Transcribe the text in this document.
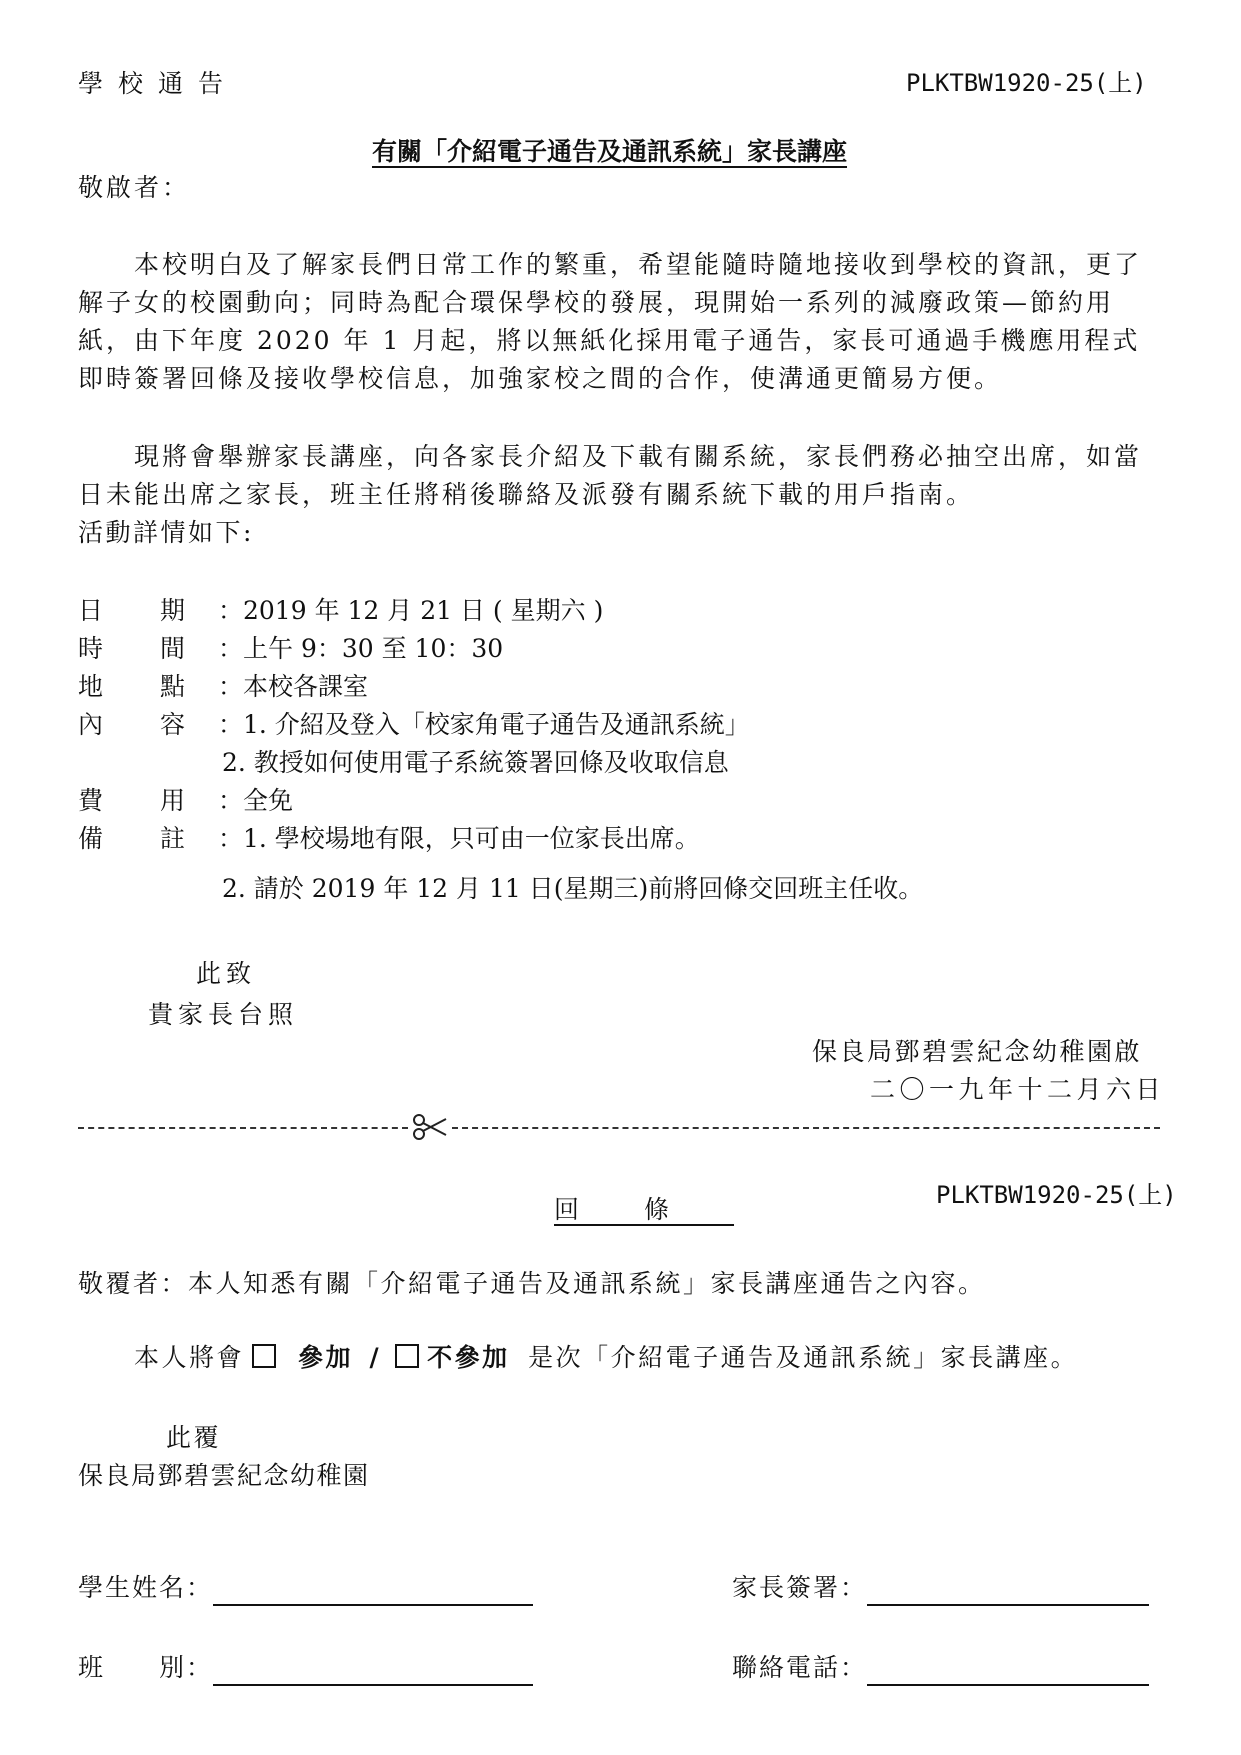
學校通告	PLKTBW1920-25(上)
有關「介紹電子通告及通訊系統」家長講座
敬啟者：
本校明白及了解家長們日常工作的繁重，希望能隨時隨地接收到學校的資訊，更了解子女的校園動向；同時為配合環保學校的發展，現開始一系列的減廢政策—節約用紙，由下年度 2020 年 1 月起，將以無紙化採用電子通告，家長可通過手機應用程式即時簽署回條及接收學校信息，加強家校之間的合作，使溝通更簡易方便。
現將會舉辦家長講座，向各家長介紹及下載有關系統，家長們務必抽空出席，如當日未能出席之家長，班主任將稍後聯絡及派發有關系統下載的用戶指南。
活動詳情如下:
日 期 ：2019 年 12 月 21 日 ( 星期六 )
時 間 ：上午 9：30 至 10：30
地 點 ：本校各課室
內 容 ：1. 介紹及登入「校家角電子通告及通訊系統」
2. 教授如何使用電子系統簽署回條及收取信息
費 用 ：全免
備 註 ：1. 學校場地有限，只可由一位家長出席。
2. 請於 2019 年 12 月 11 日(星期三)前將回條交回班主任收。
此致
貴家長台照
保良局鄧碧雲紀念幼稚園啟
二〇一九年十二月六日
PLKTBW1920-25(上)
回條
敬覆者：本人知悉有關「介紹電子通告及通訊系統」家長講座通告之內容。
本人將會 參加 / 不參加 是次「介紹電子通告及通訊系統」家長講座。
此覆
保良局鄧碧雲紀念幼稚園
學生姓名：	家長簽署：
班　　別：	聯絡電話：
